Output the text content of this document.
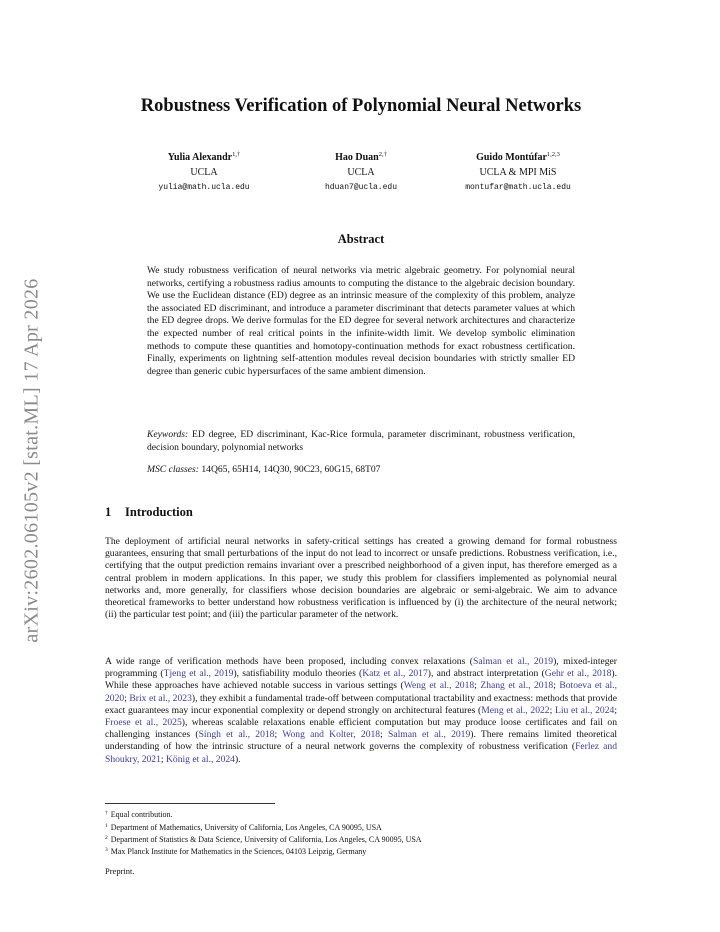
arXiv:2602.06105v2 [stat.ML] 17 Apr 2026
Robustness Verification of Polynomial Neural Networks
Yulia Alexandr$^{1,\dagger}$
UCLA
yulia@math.ucla.edu
Hao Duan$^{2,\dagger}$
UCLA
hduan7@ucla.edu
Guido Montúfar$^{1,2,3}$
UCLA & MPI MiS
montufar@math.ucla.edu
Abstract
We study robustness verification of neural networks via metric algebraic geometry. For polynomial neural networks, certifying a robustness radius amounts to computing the distance to the algebraic decision boundary. We use the Euclidean distance (ED) degree as an intrinsic measure of the complexity of this problem, analyze the associated ED discriminant, and introduce a parameter discriminant that detects parameter values at which the ED degree drops. We derive formulas for the ED degree for several network architectures and characterize the expected number of real critical points in the infinite-width limit. We develop symbolic elimination methods to compute these quantities and homotopy-continuation methods for exact robustness certification. Finally, experiments on lightning self-attention modules reveal decision boundaries with strictly smaller ED degree than generic cubic hypersurfaces of the same ambient dimension.
Keywords: ED degree, ED discriminant, Kac-Rice formula, parameter discriminant, robustness verification, decision boundary, polynomial networks
MSC classes: 14Q65, 65H14, 14Q30, 90C23, 60G15, 68T07
1 Introduction
The deployment of artificial neural networks in safety-critical settings has created a growing demand for formal robustness guarantees, ensuring that small perturbations of the input do not lead to incorrect or unsafe predictions. Robustness verification, i.e., certifying that the output prediction remains invariant over a prescribed neighborhood of a given input, has therefore emerged as a central problem in modern applications. In this paper, we study this problem for classifiers implemented as polynomial neural networks and, more generally, for classifiers whose decision boundaries are algebraic or semi-algebraic. We aim to advance theoretical frameworks to better understand how robustness verification is influenced by (i) the architecture of the neural network; (ii) the particular test point; and (iii) the particular parameter of the network.
A wide range of verification methods have been proposed, including convex relaxations (Salman et al., 2019), mixed-integer programming (Tjeng et al., 2019), satisfiability modulo theories (Katz et al., 2017), and abstract interpretation (Gehr et al., 2018). While these approaches have achieved notable success in various settings (Weng et al., 2018; Zhang et al., 2018; Botoeva et al., 2020; Brix et al., 2023), they exhibit a fundamental trade-off between computational tractability and exactness: methods that provide exact guarantees may incur exponential complexity or depend strongly on architectural features (Meng et al., 2022; Liu et al., 2024; Froese et al., 2025), whereas scalable relaxations enable efficient computation but may produce loose certificates and fail on challenging instances (Singh et al., 2018; Wong and Kolter, 2018; Salman et al., 2019). There remains limited theoretical understanding of how the intrinsic structure of a neural network governs the complexity of robustness verification (Ferlez and Shoukry, 2021; König et al., 2024).
† Equal contribution.
$^1$ Department of Mathematics, University of California, Los Angeles, CA 90095, USA
$^2$ Department of Statistics & Data Science, University of California, Los Angeles, CA 90095, USA
$^3$ Max Planck Institute for Mathematics in the Sciences, 04103 Leipzig, Germany
Preprint.
